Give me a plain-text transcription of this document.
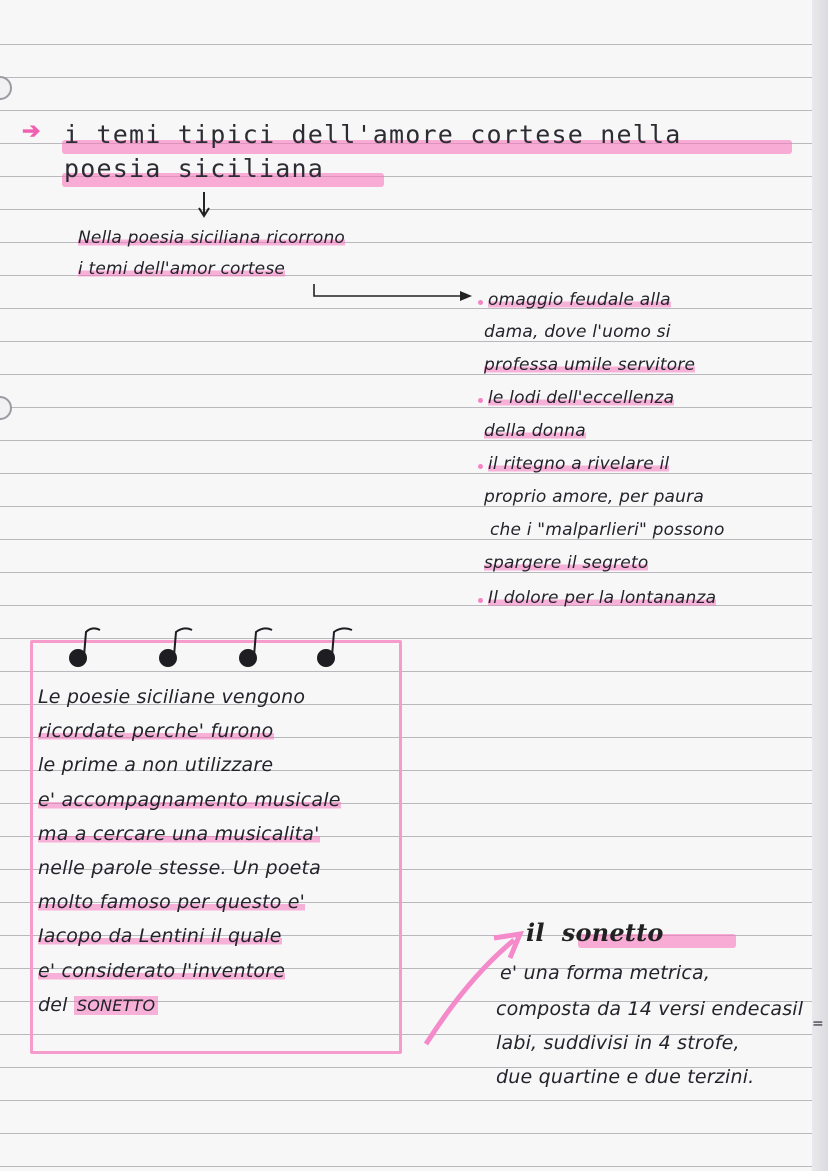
➔ i temi tipici dell'amore cortese nella
poesia siciliana
Nella poesia siciliana ricorrono
i temi dell'amor cortese
omaggio feudale alla
dama, dove l'uomo si
professa umile servitore
le lodi dell'eccellenza
della donna
il ritegno a rivelare il
proprio amore, per paura
che i "malparlieri" possono
spargere il segreto
Il dolore per la lontananza
Le poesie siciliane vengono
ricordate perche' furono
le prime a non utilizzare
e' accompagnamento musicale
ma a cercare una musicalita'
nelle parole stesse. Un poeta
molto famoso per questo e'
Iacopo da Lentini il quale
e' considerato l'inventore
del SONETTO
il sonetto
e' una forma metrica,
composta da 14 versi endecasil
labi, suddivisi in 4 strofe,
due quartine e due terzini.
=
